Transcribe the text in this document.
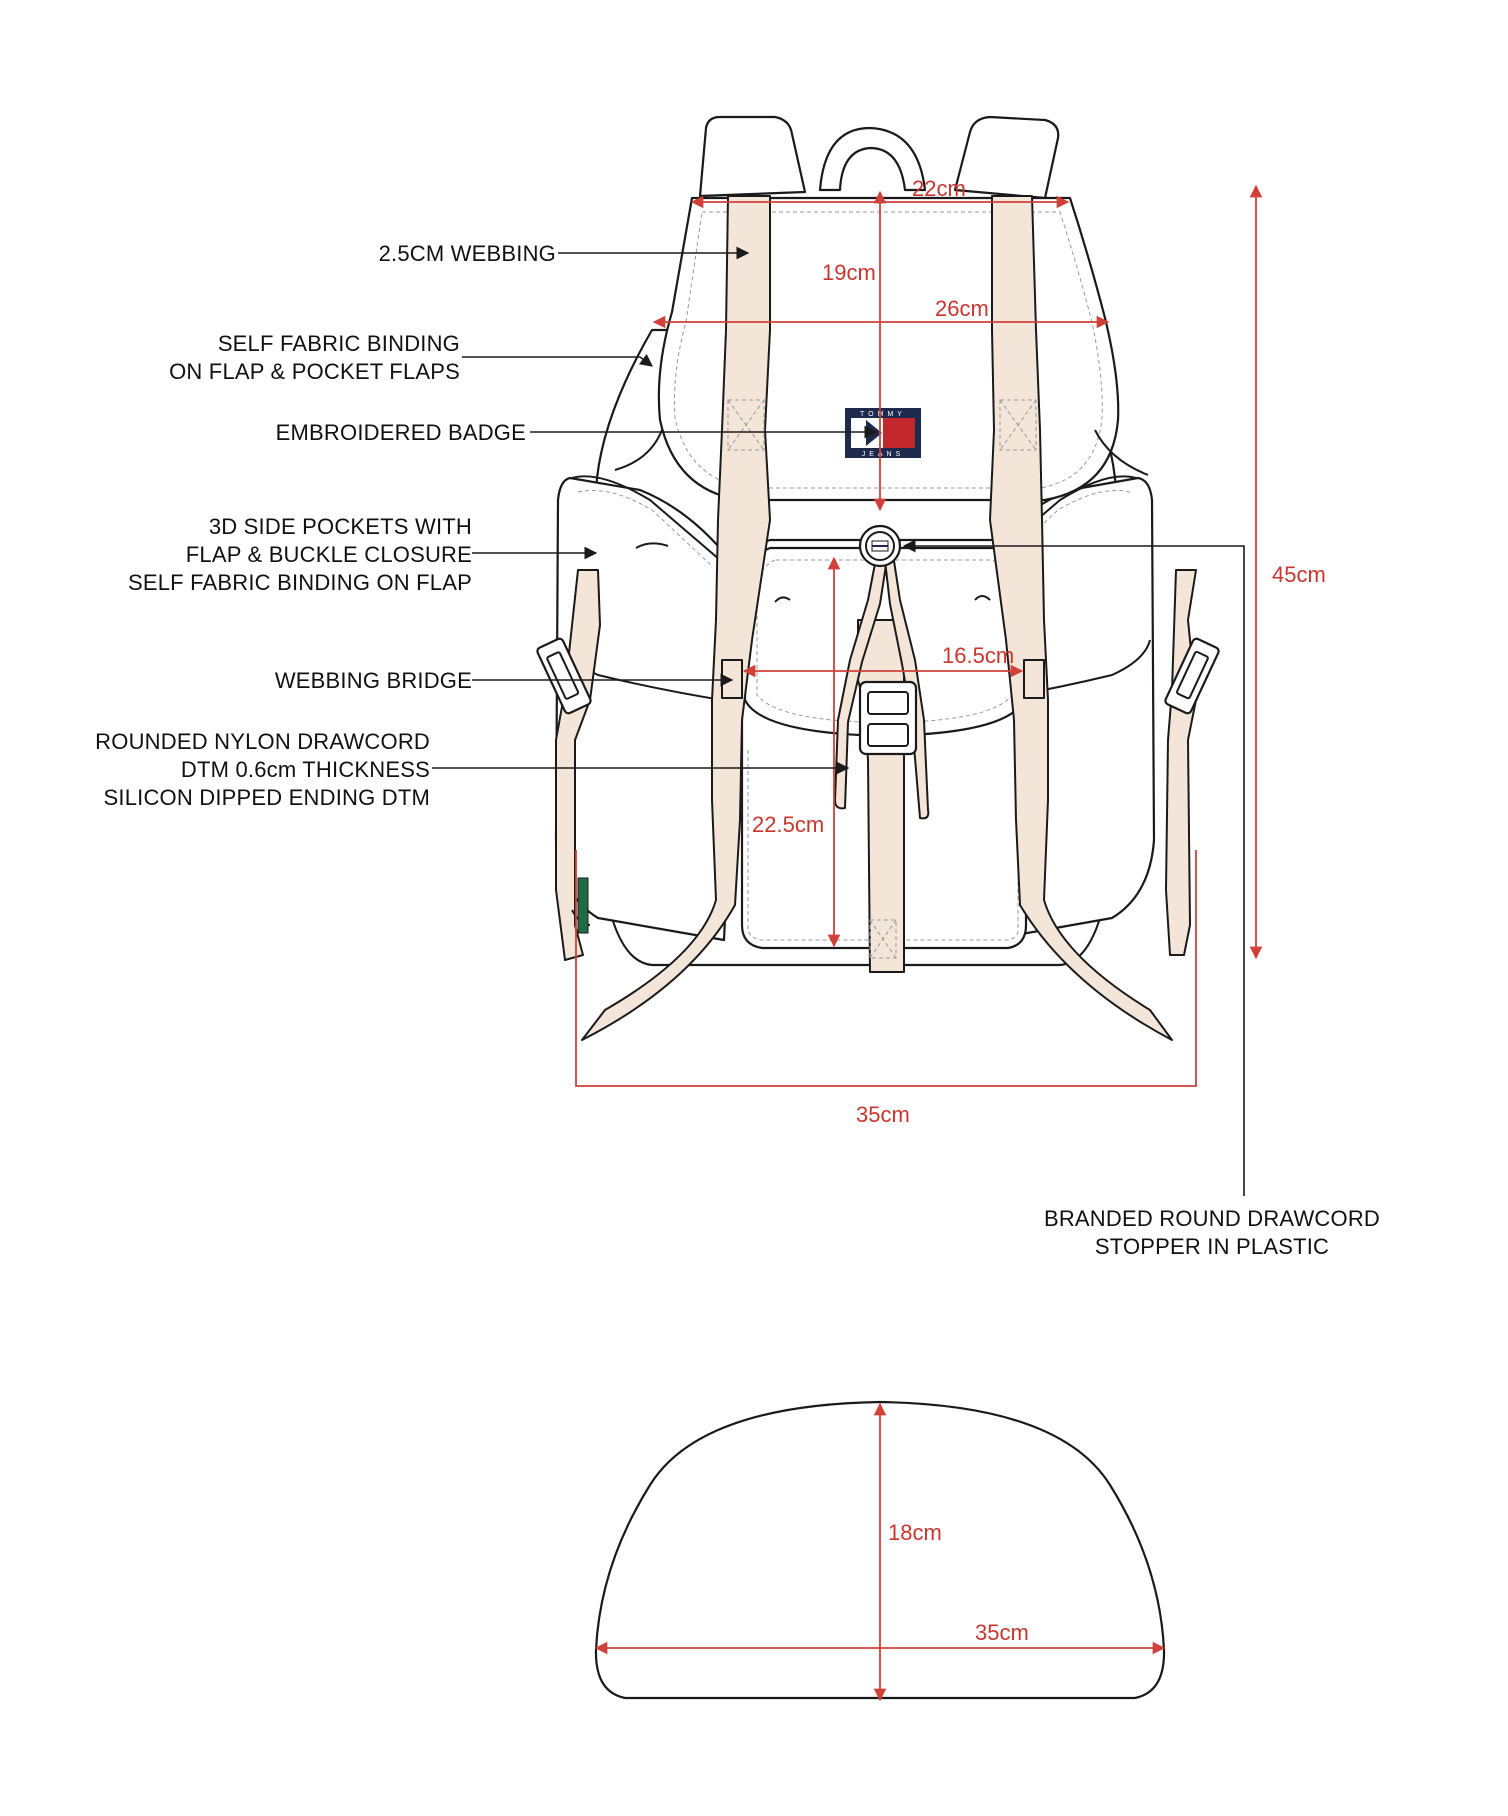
TOMMY
JEANS
22cm
19cm
26cm
45cm
16.5cm
22.5cm
35cm
18cm
35cm
2.5CM WEBBING
SELF FABRIC BINDING
ON FLAP & POCKET FLAPS
EMBROIDERED BADGE
3D SIDE POCKETS WITH
FLAP & BUCKLE CLOSURE
SELF FABRIC BINDING ON FLAP
WEBBING BRIDGE
ROUNDED NYLON DRAWCORD
DTM 0.6cm THICKNESS
SILICON DIPPED ENDING DTM
BRANDED ROUND DRAWCORD
STOPPER IN PLASTIC
